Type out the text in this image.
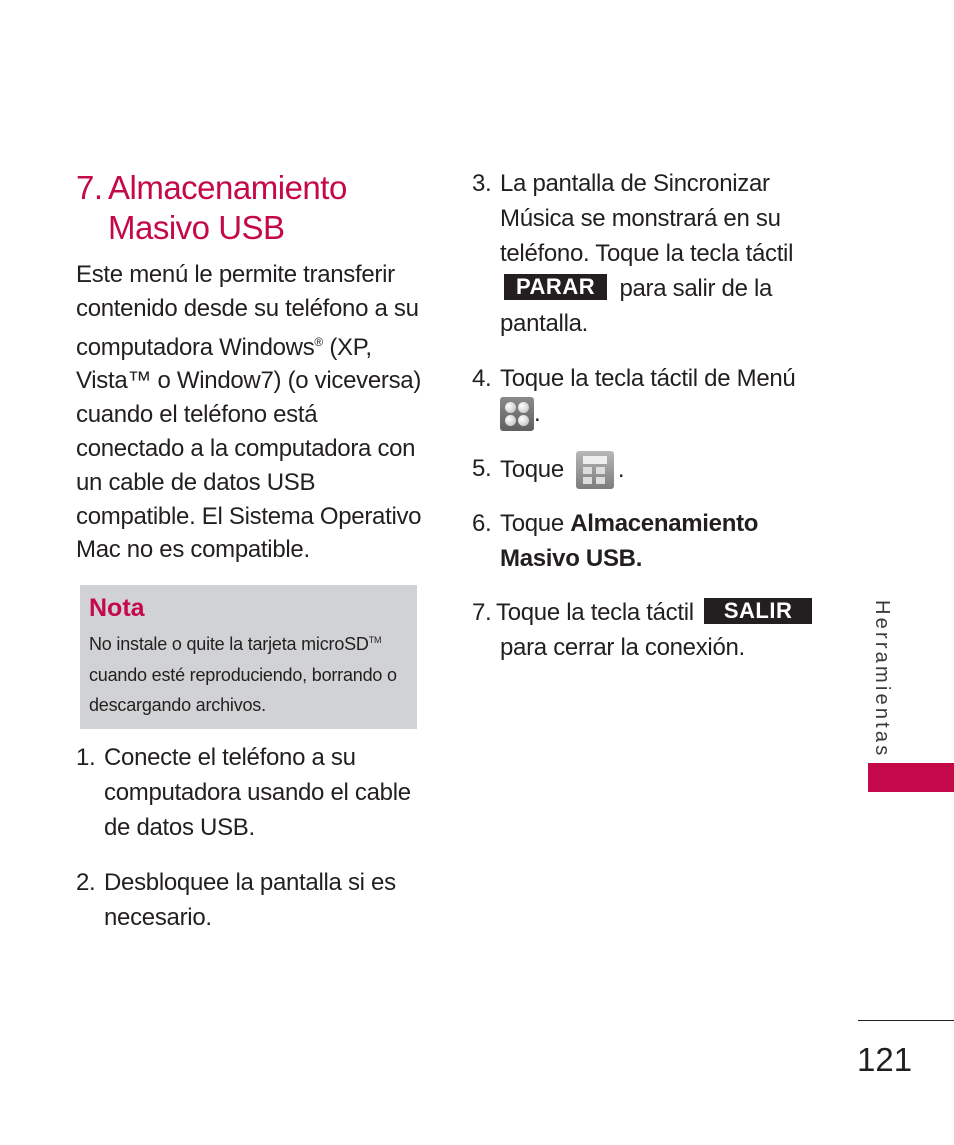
7. Almacenamiento
Masivo USB
Este menú le permite transferir contenido desde su teléfono a su computadora Windows® (XP, Vista™ o Window7) (o viceversa) cuando el teléfono está conectado a la computadora con un cable de datos USB compatible. El Sistema Operativo Mac no es compatible.
Nota
No instale o quite la tarjeta microSD™ cuando esté reproduciendo, borrando o descargando archivos.
1. Conecte el teléfono a su computadora usando el cable de datos USB.
2. Desbloquee la pantalla si es necesario.
3. La pantalla de Sincronizar Música se monstrará en su teléfono. Toque la tecla táctil
PARAR para salir de la pantalla.
4. Toque la tecla táctil de Menú

.
5. Toque .
6. Toque Almacenamiento Masivo USB.
7. Toque la tecla táctil SALIR
para cerrar la conexión.	Herramientas
121
